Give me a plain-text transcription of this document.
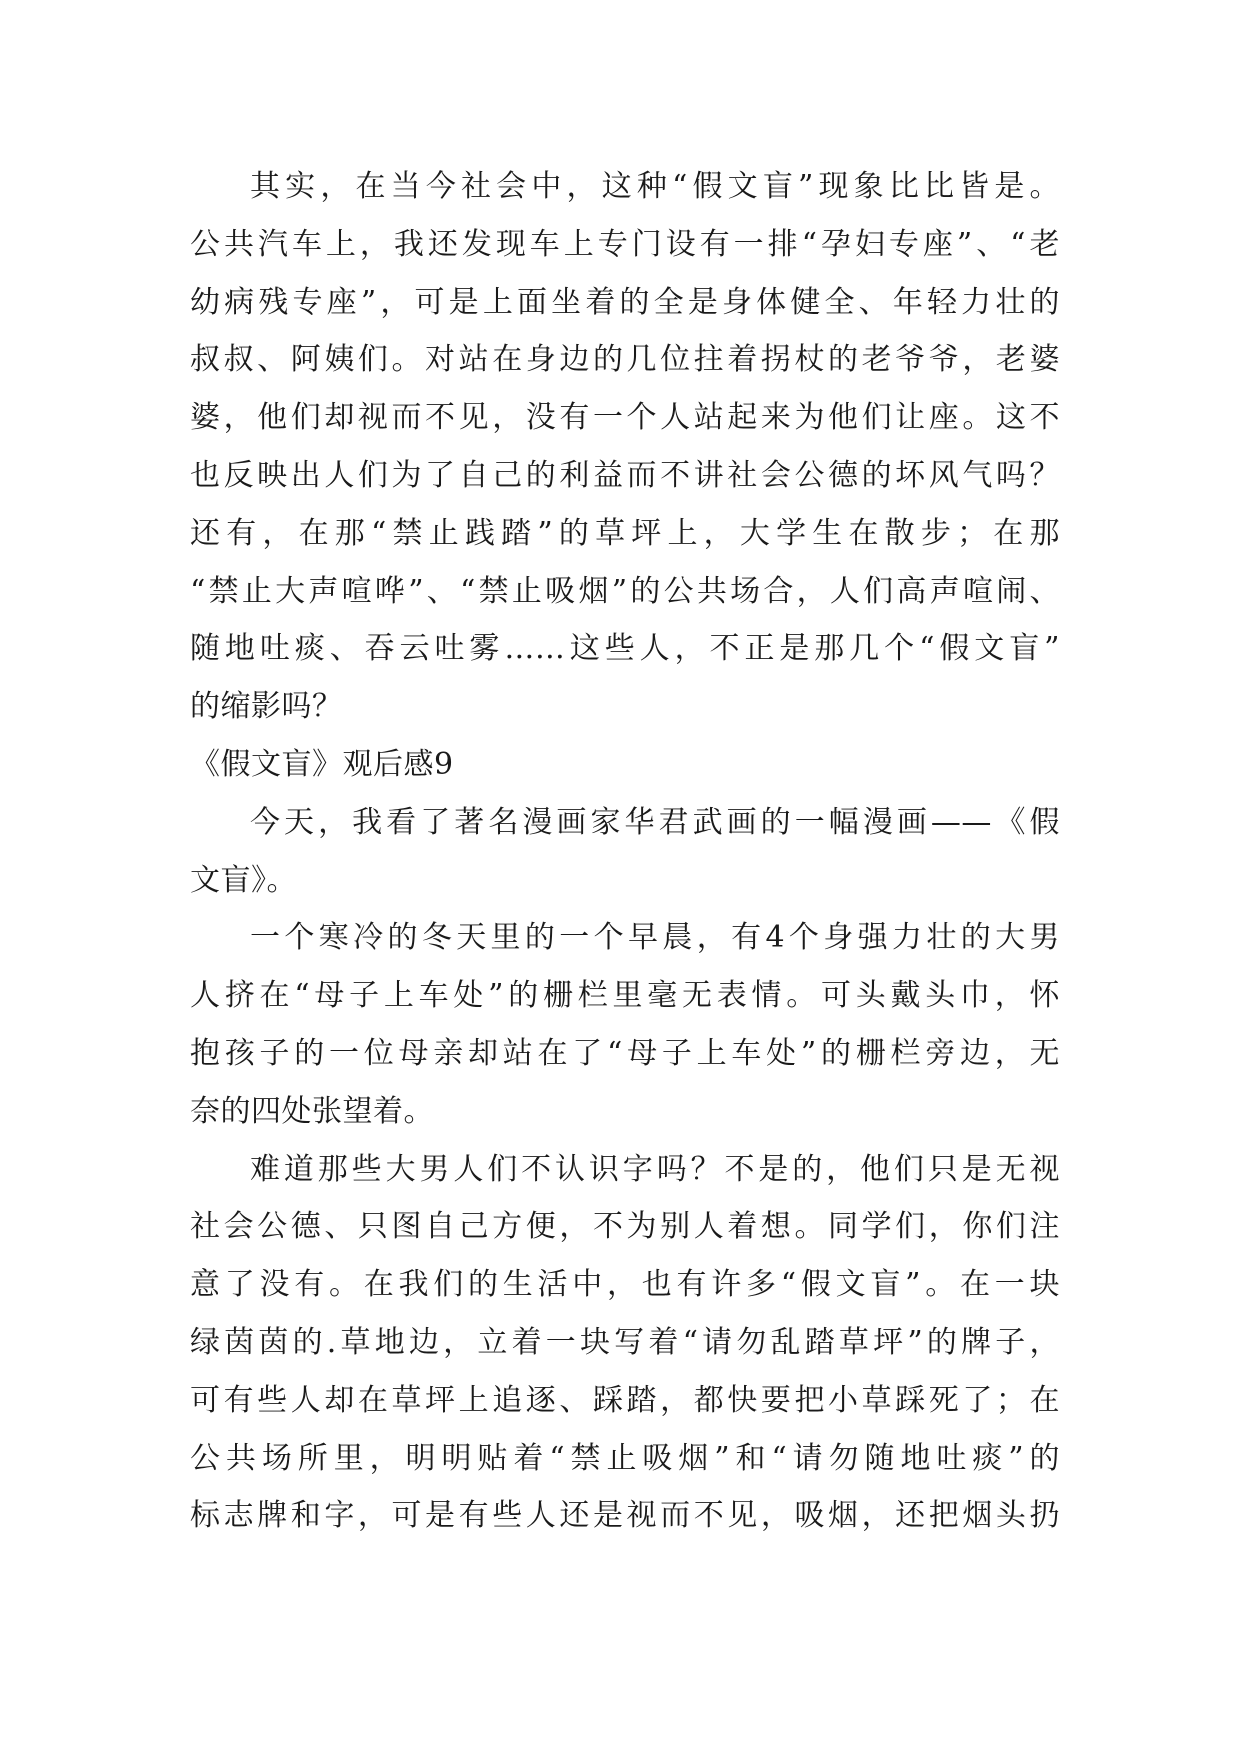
其实，在当今社会中，这种“假文盲”现象比比皆是。
公共汽车上，我还发现车上专门设有一排“孕妇专座”、“老
幼病残专座”，可是上面坐着的全是身体健全、年轻力壮的
叔叔、阿姨们。对站在身边的几位拄着拐杖的老爷爷，老婆
婆，他们却视而不见，没有一个人站起来为他们让座。这不
也反映出人们为了自己的利益而不讲社会公德的坏风气吗？
还有，在那“禁止践踏”的草坪上，大学生在散步；在那
“禁止大声喧哗”、“禁止吸烟”的公共场合，人们高声喧闹、
随地吐痰、吞云吐雾……这些人，不正是那几个“假文盲”
的缩影吗？
《假文盲》观后感9
今天，我看了著名漫画家华君武画的一幅漫画——《假
文盲》。
一个寒冷的冬天里的一个早晨，有4个身强力壮的大男
人挤在“母子上车处”的栅栏里毫无表情。可头戴头巾，怀
抱孩子的一位母亲却站在了“母子上车处”的栅栏旁边，无
奈的四处张望着。
难道那些大男人们不认识字吗？不是的，他们只是无视
社会公德、只图自己方便，不为别人着想。同学们，你们注
意了没有。在我们的生活中，也有许多“假文盲”。在一块
绿茵茵的.草地边，立着一块写着“请勿乱踏草坪”的牌子，
可有些人却在草坪上追逐、踩踏，都快要把小草踩死了；在
公共场所里，明明贴着“禁止吸烟”和“请勿随地吐痰”的
标志牌和字，可是有些人还是视而不见，吸烟，还把烟头扔
